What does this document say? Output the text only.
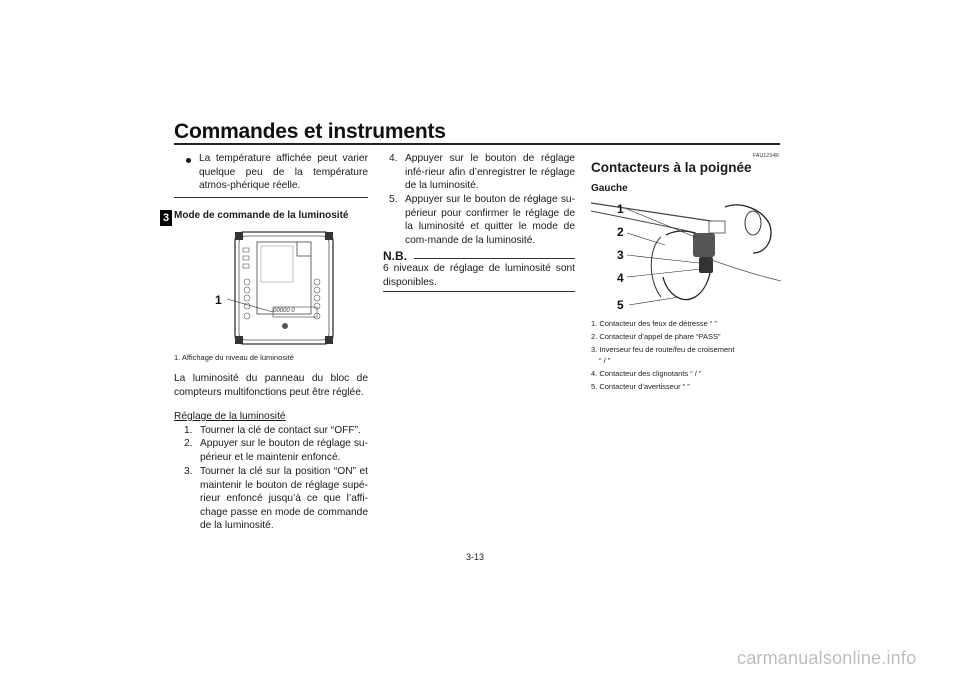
Commandes et instruments
3
La température affichée peut varier quelque peu de la température atmos-phérique réelle.
Mode de commande de la luminosité
1
00000 0
1. Affichage du niveau de luminosité
La luminosité du panneau du bloc de compteurs multifonctions peut être réglée.
Réglage de la luminosité
1. Tourner la clé de contact sur “OFF”.
2. Appuyer sur le bouton de réglage su-périeur et le maintenir enfoncé.
3. Tourner la clé sur la position “ON” et maintenir le bouton de réglage supé-rieur enfoncé jusqu’à ce que l’affi-chage passe en mode de commande de la luminosité.
4. Appuyer sur le bouton de réglage infé-rieur afin d’enregistrer le réglage de la luminosité.
5. Appuyer sur le bouton de réglage su-périeur pour confirmer le réglage de la luminosité et quitter le mode de com-mande de la luminosité.
N.B.
6 niveaux de réglage de luminosité sont disponibles.
FAU1234R
Contacteurs à la poignée
Gauche
1
2
3
4
5
1. Contacteur des feux de détresse “ ”
2. Contacteur d’appel de phare “PASS”
3. Inverseur feu de route/feu de croisement
“ / ”
4. Contacteur des clignotants “ / ”
5. Contacteur d’avertisseur “ ”
3-13
carmanualsonline.info
